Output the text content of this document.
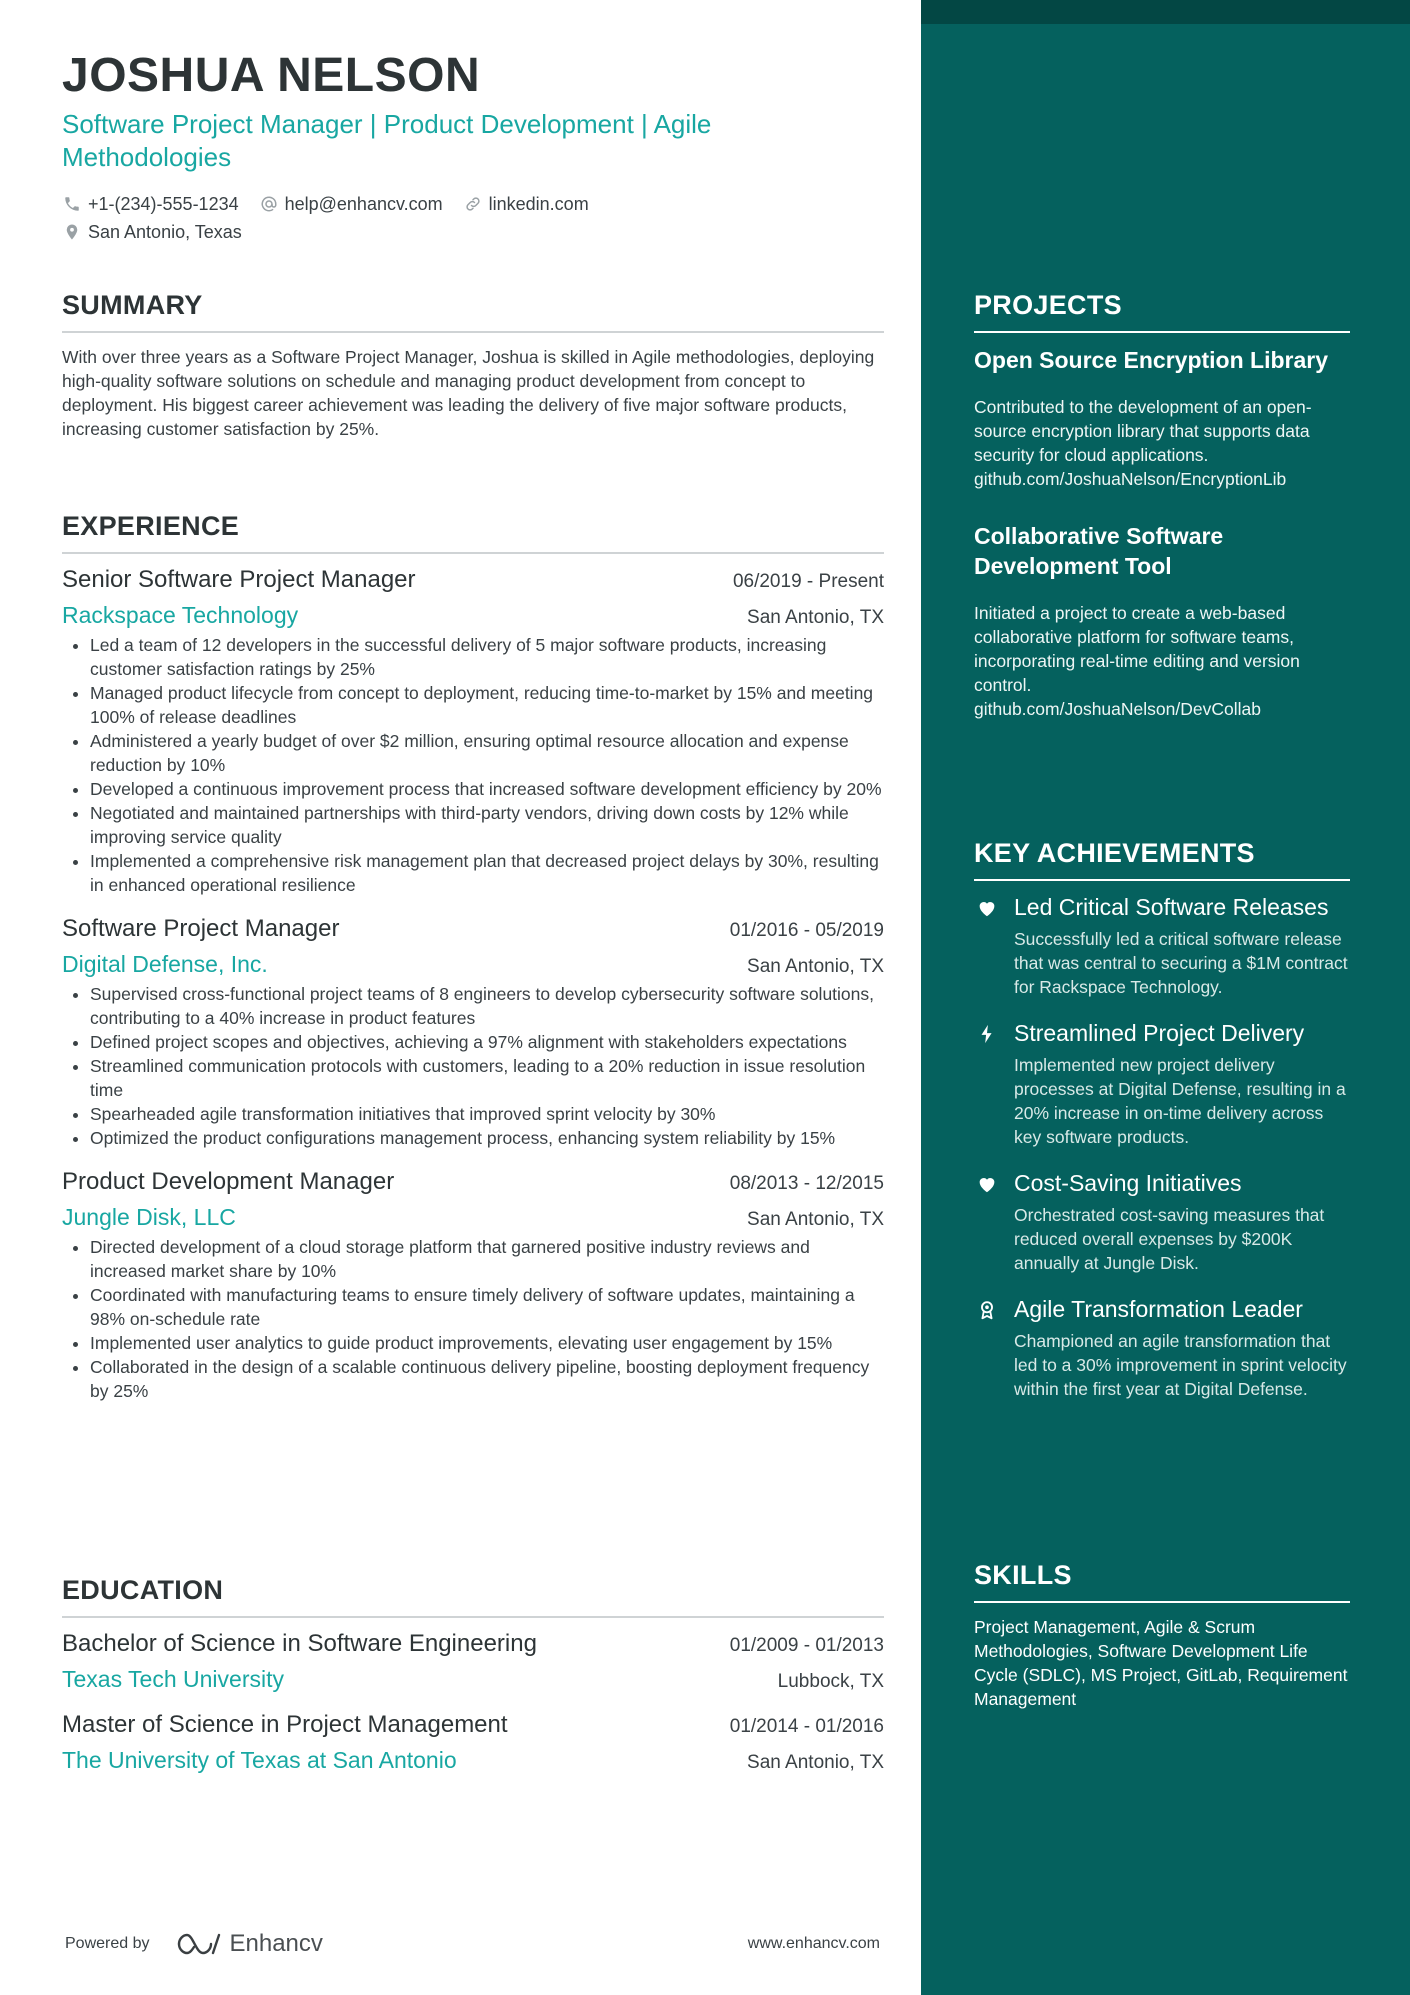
JOSHUA NELSON
Software Project Manager | Product Development | Agile Methodologies
+1-(234)-555-1234	help@enhancv.com	linkedin.com
San Antonio, Texas
SUMMARY
With over three years as a Software Project Manager, Joshua is skilled in Agile methodologies, deploying high-quality software solutions on schedule and managing product development from concept to deployment. His biggest career achievement was leading the delivery of five major software products, increasing customer satisfaction by 25%.
EXPERIENCE
Senior Software Project Manager	06/2019 - Present
Rackspace Technology	San Antonio, TX
• Led a team of 12 developers in the successful delivery of 5 major software products, increasing customer satisfaction ratings by 25%
• Managed product lifecycle from concept to deployment, reducing time-to-market by 15% and meeting 100% of release deadlines
• Administered a yearly budget of over $2 million, ensuring optimal resource allocation and expense reduction by 10%
• Developed a continuous improvement process that increased software development efficiency by 20%
• Negotiated and maintained partnerships with third-party vendors, driving down costs by 12% while improving service quality
• Implemented a comprehensive risk management plan that decreased project delays by 30%, resulting in enhanced operational resilience
Software Project Manager	01/2016 - 05/2019
Digital Defense, Inc.	San Antonio, TX
• Supervised cross-functional project teams of 8 engineers to develop cybersecurity software solutions, contributing to a 40% increase in product features
• Defined project scopes and objectives, achieving a 97% alignment with stakeholders expectations
• Streamlined communication protocols with customers, leading to a 20% reduction in issue resolution time
• Spearheaded agile transformation initiatives that improved sprint velocity by 30%
• Optimized the product configurations management process, enhancing system reliability by 15%
Product Development Manager	08/2013 - 12/2015
Jungle Disk, LLC	San Antonio, TX
• Directed development of a cloud storage platform that garnered positive industry reviews and increased market share by 10%
• Coordinated with manufacturing teams to ensure timely delivery of software updates, maintaining a 98% on-schedule rate
• Implemented user analytics to guide product improvements, elevating user engagement by 15%
• Collaborated in the design of a scalable continuous delivery pipeline, boosting deployment frequency by 25%
EDUCATION
Bachelor of Science in Software Engineering	01/2009 - 01/2013
Texas Tech University	Lubbock, TX
Master of Science in Project Management	01/2014 - 01/2016
The University of Texas at San Antonio	San Antonio, TX
Powered by	Enhancv	www.enhancv.com
PROJECTS
Open Source Encryption Library
Contributed to the development of an open-source encryption library that supports data security for cloud applications.
github.com/JoshuaNelson/EncryptionLib
Collaborative Software Development Tool
Initiated a project to create a web-based collaborative platform for software teams, incorporating real-time editing and version control.
github.com/JoshuaNelson/DevCollab
KEY ACHIEVEMENTS
Led Critical Software Releases
Successfully led a critical software release that was central to securing a $1M contract for Rackspace Technology.
Streamlined Project Delivery
Implemented new project delivery processes at Digital Defense, resulting in a 20% increase in on-time delivery across key software products.
Cost-Saving Initiatives
Orchestrated cost-saving measures that reduced overall expenses by $200K annually at Jungle Disk.
Agile Transformation Leader
Championed an agile transformation that led to a 30% improvement in sprint velocity within the first year at Digital Defense.
SKILLS
Project Management, Agile & Scrum Methodologies, Software Development Life Cycle (SDLC), MS Project, GitLab, Requirement Management
